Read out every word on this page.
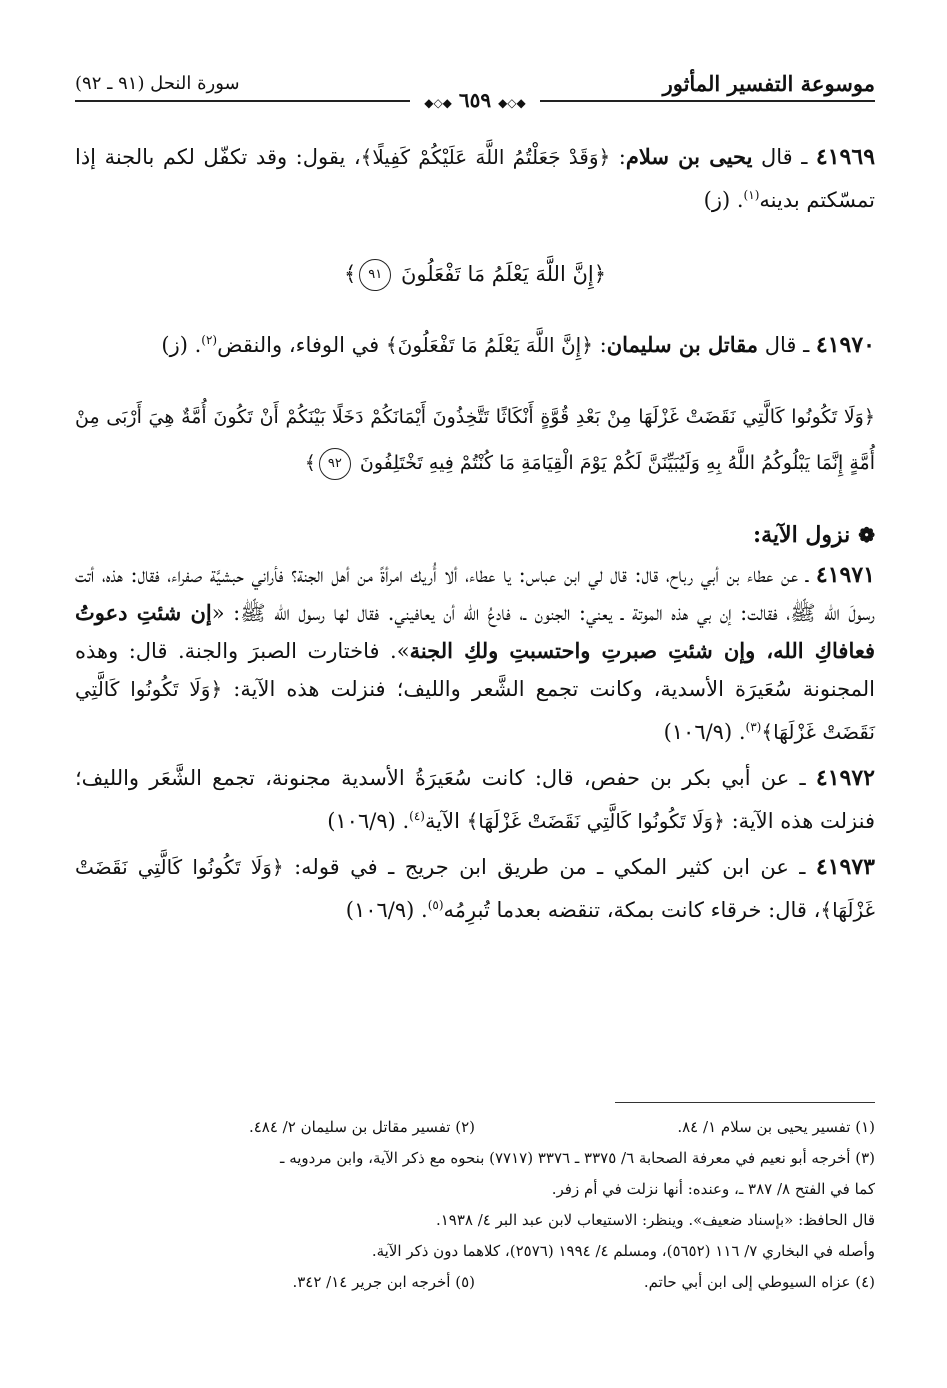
موسوعة التفسير المأثور
سورة النحل (٩١ ـ ٩٢)
◆◇◆ ٦٥٩ ◆◇◆

٤١٩٦٩ ـ قال يحيى بن سلام: ﴿وَقَدْ جَعَلْتُمُ اللَّهَ عَلَيْكُمْ كَفِيلًا﴾، يقول: وقد تكفّل لكم بالجنة إذا تمسّكتم بدينه$^{(١)}$. (ز)

﴿إِنَّ اللَّهَ يَعْلَمُ مَا تَفْعَلُونَ ٩١﴾

٤١٩٧٠ ـ قال مقاتل بن سليمان: ﴿إِنَّ اللَّهَ يَعْلَمُ مَا تَفْعَلُونَ﴾ في الوفاء، والنقض$^{(٢)}$. (ز)

﴿وَلَا تَكُونُوا كَالَّتِي نَقَضَتْ غَزْلَهَا مِنْ بَعْدِ قُوَّةٍ أَنْكَاثًا تَتَّخِذُونَ أَيْمَانَكُمْ دَخَلًا بَيْنَكُمْ أَنْ تَكُونَ أُمَّةٌ هِيَ أَرْبَى مِنْ أُمَّةٍ إِنَّمَا يَبْلُوكُمُ اللَّهُ بِهِ وَلَيُبَيِّنَنَّ لَكُمْ يَوْمَ الْقِيَامَةِ مَا كُنْتُمْ فِيهِ تَخْتَلِفُونَ ٩٢﴾

❁نزول الآية:

٤١٩٧١ ـ عن عطاء بن أبي رباح، قال: قال لي ابن عباس: يا عطاء، ألا أُريك امرأةً من أهل الجنة؟ فأراني حبشيَّة صفراء، فقال: هذه، أتت رسولَ الله ﷺ، فقالت: إن بي هذه الموتة ـ يعني: الجنون ـ، فادعُ الله أن يعافيني. فقال لها رسول الله ﷺ: «إن شئتِ دعوتُ فعافاكِ الله، وإن شئتِ صبرتِ واحتسبتِ ولكِ الجنة». فاختارت الصبرَ والجنة. قال: وهذه المجنونة سُعَيرَة الأسدية، وكانت تجمع الشَّعر والليف؛ فنزلت هذه الآية: ﴿وَلَا تَكُونُوا كَالَّتِي نَقَضَتْ غَزْلَهَا﴾$^{(٣)}$. (١٠٦/٩)

٤١٩٧٢ ـ عن أبي بكر بن حفص، قال: كانت سُعَيرَةُ الأسدية مجنونة، تجمع الشَّعَر والليف؛ فنزلت هذه الآية: ﴿وَلَا تَكُونُوا كَالَّتِي نَقَضَتْ غَزْلَهَا﴾ الآية$^{(٤)}$. (١٠٦/٩)

٤١٩٧٣ ـ عن ابن كثير المكي ـ من طريق ابن جريج ـ في قوله: ﴿وَلَا تَكُونُوا كَالَّتِي نَقَضَتْ غَزْلَهَا﴾، قال: خرقاء كانت بمكة، تنقضه بعدما تُبرِمُه$^{(٥)}$. (١٠٦/٩)

(١) تفسير يحيى بن سلام ١/ ٨٤.
(٢) تفسير مقاتل بن سليمان ٢/ ٤٨٤.

(٣) أخرجه أبو نعيم في معرفة الصحابة ٦/ ٣٣٧٥ ـ ٣٣٧٦ (٧٧١٧) بنحوه مع ذكر الآية، وابن مردويه ـ

كما في الفتح ٨/ ٣٨٧ ـ، وعنده: أنها نزلت في أم زفر.

قال الحافظ: «بإسناد ضعيف». وينظر: الاستيعاب لابن عبد البر ٤/ ١٩٣٨.

وأصله في البخاري ٧/ ١١٦ (٥٦٥٢)، ومسلم ٤/ ١٩٩٤ (٢٥٧٦)، كلاهما دون ذكر الآية.

(٤) عزاه السيوطي إلى ابن أبي حاتم.
(٥) أخرجه ابن جرير ١٤/ ٣٤٢.
